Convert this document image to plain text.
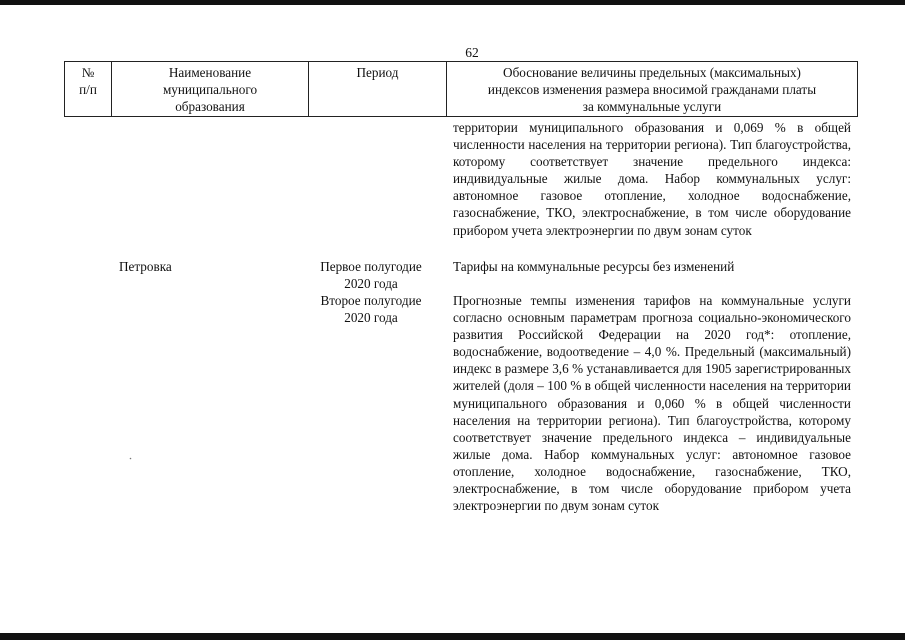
62
№
п/п
Наименование
муниципального
образования
Период	Обоснование величины предельных (максимальных)
индексов изменения размера вносимой гражданами платы
за коммунальные услуги

территории муниципального образования и 0,069 % в общей численности населения на территории региона). Тип благоустройства, которому соответствует значение предельного индекса: индивидуальные жилые дома. Набор коммунальных услуг: автономное газовое отопление, холодное водоснабжение, газоснабжение, ТКО, электроснабжение, в том числе оборудование прибором учета электроэнергии по двум зонам суток

Петровка	Первое полугодие
2020 года

Тарифы на коммунальные ресурсы без изменений

Второе полугодие
2020 года

Прогнозные темпы изменения тарифов на коммунальные услуги согласно основным параметрам прогноза социально-экономического развития Российской Федерации на 2020 год*: отопление, водоснабжение, водоотведение – 4,0 %. Предельный (максимальный) индекс в размере 3,6 % устанавливается для 1905 зарегистрированных жителей (доля – 100 % в общей численности населения на территории муниципального образования и 0,060 % в общей численности населения на территории региона). Тип благоустройства, которому соответствует значение предельного индекса – индивидуальные жилые дома. Набор коммунальных услуг: автономное газовое отопление, холодное водоснабжение, газоснабжение, ТКО, электроснабжение, в том числе оборудование прибором учета электроэнергии по двум зонам суток
